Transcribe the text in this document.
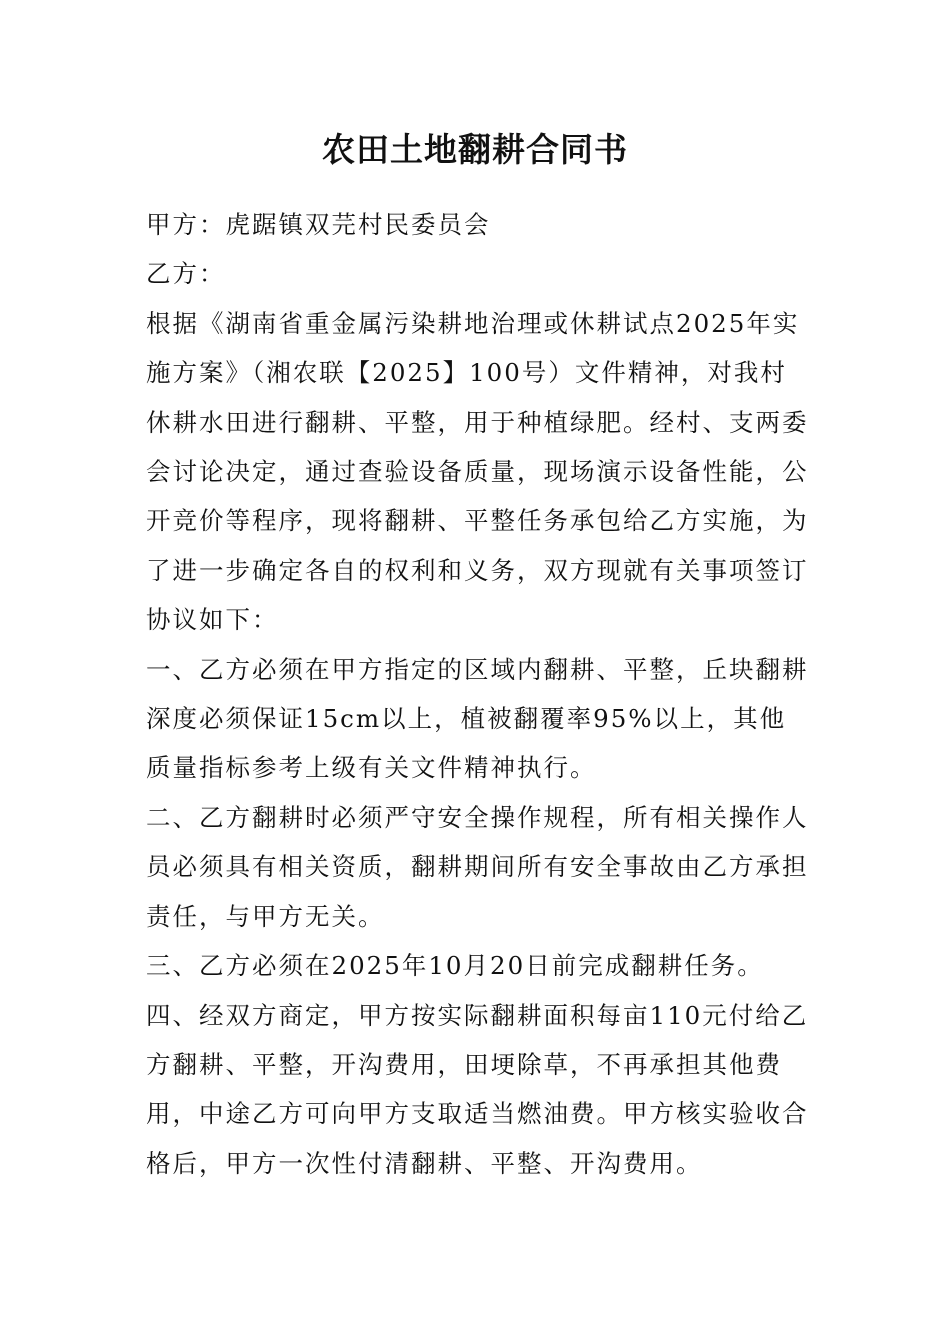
农田土地翻耕合同书

甲方：虎踞镇双芫村民委员会

乙方：

根据《湖南省重金属污染耕地治理或休耕试点2025年实施方案》（湘农联【2025】100号）文件精神，对我村休耕水田进行翻耕、平整，用于种植绿肥。经村、支两委会讨论决定，通过查验设备质量，现场演示设备性能，公开竞价等程序，现将翻耕、平整任务承包给乙方实施，为了进一步确定各自的权利和义务，双方现就有关事项签订协议如下：

一、乙方必须在甲方指定的区域内翻耕、平整，丘块翻耕深度必须保证15cm以上，植被翻覆率95%以上，其他质量指标参考上级有关文件精神执行。

二、乙方翻耕时必须严守安全操作规程，所有相关操作人员必须具有相关资质，翻耕期间所有安全事故由乙方承担责任，与甲方无关。

三、乙方必须在2025年10月20日前完成翻耕任务。

四、经双方商定，甲方按实际翻耕面积每亩110元付给乙方翻耕、平整，开沟费用，田埂除草，不再承担其他费用，中途乙方可向甲方支取适当燃油费。甲方核实验收合格后，甲方一次性付清翻耕、平整、开沟费用。
